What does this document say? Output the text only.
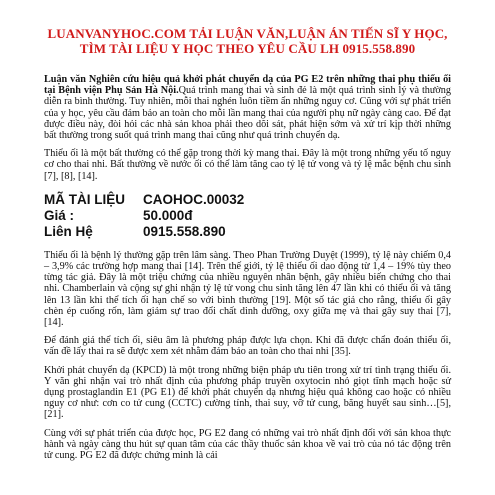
LUANVANYHOC.COM TẢI LUẬN VĂN,LUẬN ÁN TIẾN SĨ Y HỌC,
TÌM TÀI LIỆU Y HỌC THEO YÊU CẦU LH 0915.558.890

Luận văn Nghiên cứu hiệu quả khởi phát chuyển dạ của PG E2 trên những thai phụ thiểu ối tại Bệnh viện Phụ Sản Hà Nội.Quá trình mang thai và sinh đẻ là một quá trình sinh lý và thường diễn ra bình thường. Tuy nhiên, mỗi thai nghén luôn tiềm ẩn những nguy cơ. Cũng với sự phát triển của y học, yêu cầu đảm bảo an toàn cho mỗi lần mang thai của người phụ nữ ngày càng cao. Để đạt được điều này, đòi hỏi các nhà sản khoa phải theo dõi sát, phát hiện sớm và xử trí kịp thời những bất thường trong suốt quá trình mang thai cũng như quá trình chuyển dạ.

Thiểu ối là một bất thường có thể gặp trong thời kỳ mang thai. Đây là một trong những yếu tố nguy cơ cho thai nhi. Bất thường về nước ối có thể làm tăng cao tỷ lệ tử vong và tỷ lệ mắc bệnh chu sinh [7], [8], [14].

MÃ TÀI LIỆU	CAOHOC.00032
Giá :	50.000đ
Liên Hệ	0915.558.890

Thiểu ối là bệnh lý thường gặp trên lâm sàng. Theo Phan Trường Duyệt (1999), tỷ lệ này chiếm 0,4 – 3,9% các trường hợp mang thai [14]. Trên thế giới, tỷ lệ thiểu ối dao động từ 1,4 – 19% tùy theo từng tác giả. Đây là một triệu chứng của nhiều nguyên nhân bệnh, gây nhiều biến chứng cho thai nhi. Chamberlain và cộng sự ghi nhận tỷ lệ tử vong chu sinh tăng lên 47 lần khi có thiểu ối và tăng lên 13 lần khi thể tích ối hạn chế so với bình thường [19]. Một số tác giả cho rằng, thiểu ối gây chèn ép cuống rốn, làm giảm sự trao đổi chất dinh dưỡng, oxy giữa mẹ và thai gây suy thai [7], [14].

Để đánh giá thể tích ối, siêu âm là phương pháp được lựa chọn. Khi đã được chẩn đoán thiểu ối, vấn đề lấy thai ra sẽ được xem xét nhằm đảm bảo an toàn cho thai nhi [35].

Khởi phát chuyển dạ (KPCD) là một trong những biện pháp ưu tiên trong xử trí tình trạng thiểu ối. Y văn ghi nhận vai trò nhất định của phương pháp truyền oxytocin nhỏ giọt tĩnh mạch hoặc sử dụng prostaglandin E1 (PG E1) để khởi phát chuyển dạ nhưng hiệu quả không cao hoặc có nhiều nguy cơ như: cơn co tử cung (CCTC) cường tính, thai suy, vỡ tử cung, băng huyết sau sinh…[5], [21].

Cùng với sự phát triển của được học, PG E2 đang có những vai trò nhất định đối với sản khoa thực hành và ngày càng thu hút sự quan tâm của các thầy thuốc sản khoa về vai trò của nó tác động trên tử cung. PG E2 đã được chứng minh là cái
